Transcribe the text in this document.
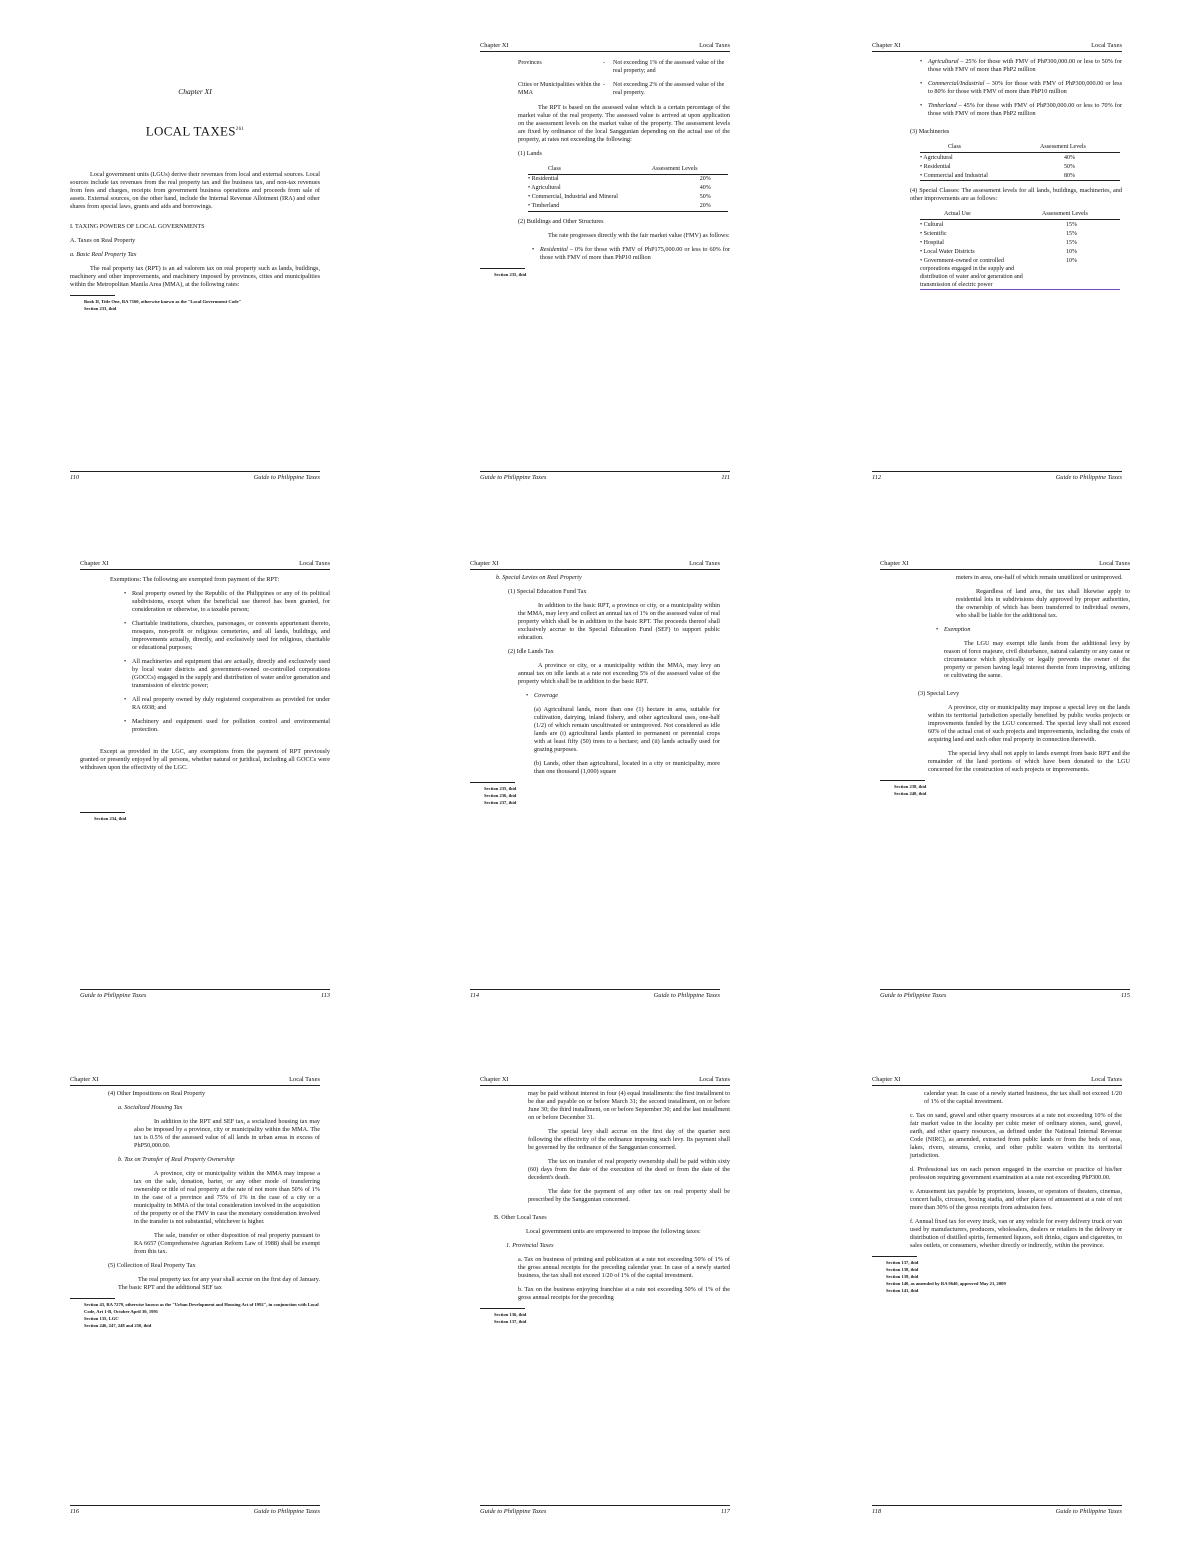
Chapter XI
LOCAL TAXES$^{261}$

Local government units (LGUs) derive their revenues from local and external sources. Local sources include tax revenues from the real property tax and the business tax, and non-tax revenues from fees and charges, receipts from government business operations and proceeds from sale of assets. External sources, on the other hand, include the Internal Revenue Allotment (IRA) and other shares from special laws, grants and aids and borrowings.

I. TAXING POWERS OF LOCAL GOVERNMENTS

A. Taxes on Real Property

a. Basic Real Property Tax

The real property tax (RPT) is an ad valorem tax on real property such as lands, buildings, machinery and other improvements, and machinery imposed by provinces, cities and municipalities within the Metropolitan Manila Area (MMA), at the following rates:

Book II, Title One, RA 7160, otherwise known as the "Local Government Code"
Section 233, ibid
110	Guide to Philippine Taxes
Chapter XI	Local Taxes
Provinces	-	Not exceeding 1% of the assessed value of the real property; and
Cities or Municipalities within the MMA	-	Not exceeding 2% of the assessed value of the real property.

The RPT is based on the assessed value which is a certain percentage of the market value of the real property. The assessed value is arrived at upon application on the assessment levels on the market value of the property. The assessment levels are fixed by ordinance of the local Sanggunian depending on the actual use of the property, at rates not exceeding the following:

(1) Lands

Class	Assessment Levels
• Residential	20%
• Agricultural	40%
• Commercial, Industrial and Mineral	50%
• Timberland	20%

(2) Buildings and Other Structures

The rate progresses directly with the fair market value (FMV) as follows:

• Residential – 0% for those with FMV of PhP175,000.00 or less to 60% for those with FMV of more than PhP10 million
Section 235, ibid
Guide to Philippine Taxes	111
Chapter XI	Local Taxes
• Agricultural – 25% for those with FMV of PhP300,000.00 or less to 50% for those with FMV of more than PhP2 million
• Commercial/Industrial – 30% for those with FMV of PhP300,000.00 or less to 80% for those with FMV of more than PhP10 million
• Timberland – 45% for those with FMV of PhP300,000.00 or less to 70% for those with FMV of more than PhP2 million

(3) Machineries

Class	Assessment Levels
• Agricultural	40%
• Residential	50%
• Commercial and Industrial	80%

(4) Special Classes: The assessment levels for all lands, buildings, machineries, and other improvements are as follows:

Actual Use	Assessment Levels
• Cultural	15%
• Scientific	15%
• Hospital	15%
• Local Water Districts	10%
• Government-owned or controlled corporations engaged in the supply and distribution of water and/or generation and transmission of electric power	10%
112	Guide to Philippine Taxes
Chapter XI	Local Taxes

Exemptions: The following are exempted from payment of the RPT:

• Real property owned by the Republic of the Philippines or any of its political subdivisions, except when the beneficial use thereof has been granted, for consideration or otherwise, to a taxable person;
• Charitable institutions, churches, parsonages, or convents appurtenant thereto, mosques, non-profit or religious cemeteries, and all lands, buildings, and improvements actually, directly, and exclusively used for religious, charitable or educational purposes;
• All machineries and equipment that are actually, directly and exclusively used by local water districts and government-owned or-controlled corporations (GOCCs) engaged in the supply and distribution of water and/or generation and transmission of electric power;
• All real property owned by duly registered cooperatives as provided for under RA 6938; and
• Machinery and equipment used for pollution control and environmental protection.

Except as provided in the LGC, any exemptions from the payment of RPT previously granted or presently enjoyed by all persons, whether natural or juridical, including all GOCCs were withdrawn upon the effectivity of the LGC.

Section 234, ibid
Guide to Philippine Taxes	113
Chapter XI	Local Taxes

b. Special Levies on Real Property

(1) Special Education Fund Tax

In addition to the basic RPT, a province or city, or a municipality within the MMA, may levy and collect an annual tax of 1% on the assessed value of real property which shall be in addition to the basic RPT. The proceeds thereof shall exclusively accrue to the Special Education Fund (SEF) to support public education.

(2) Idle Lands Tax

A province or city, or a municipality within the MMA, may levy an annual tax on idle lands at a rate not exceeding 5% of the assessed value of the property which shall be in addition to the basic RPT.

• Coverage

(a) Agricultural lands, more than one (1) hectare in area, suitable for cultivation, dairying, inland fishery, and other agricultural uses, one-half (1/2) of which remain uncultivated or unimproved. Not considered as idle lands are (i) agricultural lands planted to permanent or perennial crops with at least fifty (50) trees to a hectare; and (ii) lands actually used for grazing purposes.

(b) Lands, other than agricultural, located in a city or municipality, more than one thousand (1,000) square

Section 235, ibid
Section 236, ibid
Section 237, ibid
114	Guide to Philippine Taxes
Chapter XI	Local Taxes

meters in area, one-half of which remain unutilized or unimproved.

Regardless of land area, the tax shall likewise apply to residential lots in subdivisions duly approved by proper authorities, the ownership of which has been transferred to individual owners, who shall be liable for the additional tax.

• Exemption

The LGU may exempt idle lands from the additional levy by reason of force majeure, civil disturbance, natural calamity or any cause or circumstance which physically or legally prevents the owner of the property or person having legal interest therein from improving, utilizing or cultivating the same.

(3) Special Levy

A province, city or municipality may impose a special levy on the lands within its territorial jurisdiction specially benefited by public works projects or improvements funded by the LGU concerned. The special levy shall not exceed 60% of the actual cost of such projects and improvements, including the costs of acquiring land and such other real property in connection therewith.

The special levy shall not apply to lands exempt from basic RPT and the remainder of the land portions of which have been donated to the LGU concerned for the construction of such projects or improvements.

Section 238, ibid
Section 240, ibid
Guide to Philippine Taxes	115
Chapter XI	Local Taxes

(4) Other Impositions on Real Property

a. Socialized Housing Tax

In addition to the RPT and SEF tax, a socialized housing tax may also be imposed by a province, city or municipality within the MMA. The tax is 0.5% of the assessed value of all lands in urban areas in excess of PhP50,000.00.

b. Tax on Transfer of Real Property Ownership

A province, city or municipality within the MMA may impose a tax on the sale, donation, barter, or any other mode of transferring ownership or title of real property at the rate of not more than 50% of 1% in the case of a province and 75% of 1% in the case of a city or a municipality in MMA of the total consideration involved in the acquisition of the property or of the FMV in case the monetary consideration involved in the transfer is not substantial, whichever is higher.

The sale, transfer or other disposition of real property pursuant to RA 6657 (Comprehensive Agrarian Reform Law of 1988) shall be exempt from this tax.

(5) Collection of Real Property Tax

The real property tax for any year shall accrue on the first day of January. The basic RPT and the additional SEF tax

Section 43, RA 7279, otherwise known as the "Urban Development and Housing Act of 1992", in conjunction with Local Code, Art 1-B, October April 30, 1991
Section 135, LGC
Section 246, 247, 248 and 250, ibid
116	Guide to Philippine Taxes
Chapter XI	Local Taxes

may be paid without interest in four (4) equal installments: the first installment to be due and payable on or before March 31; the second installment, on or before June 30; the third installment, on or before September 30; and the last installment on or before December 31.

The special levy shall accrue on the first day of the quarter next following the effectivity of the ordinance imposing such levy. Its payment shall be governed by the ordinance of the Sanggunian concerned.

The tax on transfer of real property ownership shall be paid within sixty (60) days from the date of the execution of the deed or from the date of the decedent's death.

The date for the payment of any other tax on real property shall be prescribed by the Sanggunian concerned.

B. Other Local Taxes

Local government units are empowered to impose the following taxes:

1. Provincial Taxes

a. Tax on business of printing and publication at a rate not exceeding 50% of 1% of the gross annual receipts for the preceding calendar year. In case of a newly started business, the tax shall not exceed 1/20 of 1% of the capital investment.

b. Tax on the business enjoying franchise at a rate not exceeding 50% of 1% of the gross annual receipts for the preceding

Section 136, ibid
Section 137, ibid
Guide to Philippine Taxes	117
Chapter XI	Local Taxes

calendar year. In case of a newly started business, the tax shall not exceed 1/20 of 1% of the capital investment.

c. Tax on sand, gravel and other quarry resources at a rate not exceeding 10% of the fair market value in the locality per cubic meter of ordinary stones, sand, gravel, earth, and other quarry resources, as defined under the National Internal Revenue Code (NIRC), as amended, extracted from public lands or from the beds of seas, lakes, rivers, streams, creeks, and other public waters within its territorial jurisdiction.

d. Professional tax on each person engaged in the exercise or practice of his/her profession requiring government examination at a rate not exceeding PhP300.00.

e. Amusement tax payable by proprietors, lessees, or operators of theaters, cinemas, concert halls, circuses, boxing stadia, and other places of amusement at a rate of not more than 30% of the gross receipts from admission fees.

f. Annual fixed tax for every truck, van or any vehicle for every delivery truck or van used by manufacturers, producers, wholesalers, dealers or retailers in the delivery or distribution of distilled spirits, fermented liquors, soft drinks, cigars and cigarettes, to sales outlets, or consumers, whether directly or indirectly, within the province.

Section 137, ibid
Section 138, ibid
Section 139, ibid
Section 140, as amended by RA 9640, approved May 21, 2009
Section 141, ibid
118	Guide to Philippine Taxes
